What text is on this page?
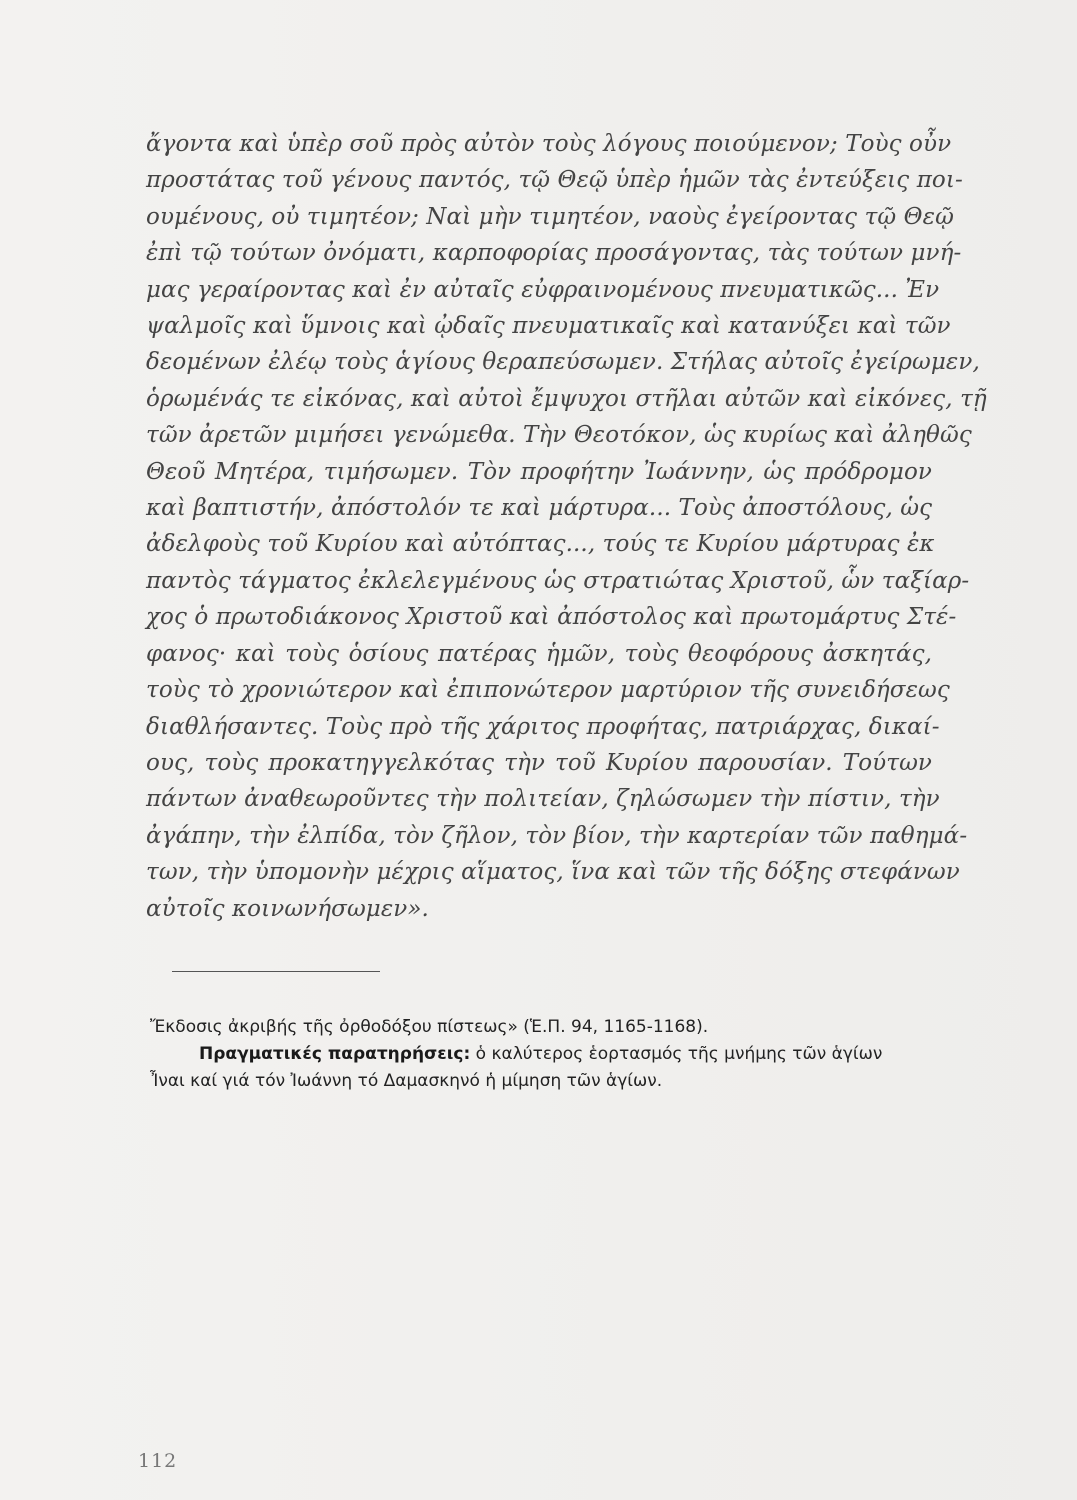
ἄγοντα καὶ ὑπὲρ σοῦ πρὸς αὐτὸν τοὺς λόγους ποιούμενον; Τοὺς οὖν
προστάτας τοῦ γένους παντός, τῷ Θεῷ ὑπὲρ ἡμῶν τὰς ἐντεύξεις ποι-
ουμένους, οὐ τιμητέον; Ναὶ μὴν τιμητέον, ναοὺς ἐγείροντας τῷ Θεῷ
ἐπὶ τῷ τούτων ὀνόματι, καρποφορίας προσάγοντας, τὰς τούτων μνή-
μας γεραίροντας καὶ ἐν αὐταῖς εὐφραινομένους πνευματικῶς... Ἐν
ψαλμοῖς καὶ ὕμνοις καὶ ᾠδαῖς πνευματικαῖς καὶ κατανύξει καὶ τῶν
δεομένων ἐλέῳ τοὺς ἁγίους θεραπεύσωμεν. Στήλας αὐτοῖς ἐγείρωμεν,
ὁρωμένάς τε εἰκόνας, καὶ αὐτοὶ ἔμψυχοι στῆλαι αὐτῶν καὶ εἰκόνες, τῇ
τῶν ἀρετῶν μιμήσει γενώμεθα. Τὴν Θεοτόκον, ὡς κυρίως καὶ ἀληθῶς
Θεοῦ Μητέρα, τιμήσωμεν. Τὸν προφήτην Ἰωάννην, ὡς πρόδρομον
καὶ βαπτιστήν, ἀπόστολόν τε καὶ μάρτυρα... Τοὺς ἀποστόλους, ὡς
ἀδελφοὺς τοῦ Κυρίου καὶ αὐτόπτας..., τούς τε Κυρίου μάρτυρας ἐκ
παντὸς τάγματος ἐκλελεγμένους ὡς στρατιώτας Χριστοῦ, ὧν ταξίαρ-
χος ὁ πρωτοδιάκονος Χριστοῦ καὶ ἀπόστολος καὶ πρωτομάρτυς Στέ-
φανος· καὶ τοὺς ὁσίους πατέρας ἡμῶν, τοὺς θεοφόρους ἀσκητάς,
τοὺς τὸ χρονιώτερον καὶ ἐπιπονώτερον μαρτύριον τῆς συνειδήσεως
διαθλήσαντες. Τοὺς πρὸ τῆς χάριτος προφήτας, πατριάρχας, δικαί-
ους, τοὺς προκατηγγελκότας τὴν τοῦ Κυρίου παρουσίαν. Τούτων
πάντων ἀναθεωροῦντες τὴν πολιτείαν, ζηλώσωμεν τὴν πίστιν, τὴν
ἀγάπην, τὴν ἐλπίδα, τὸν ζῆλον, τὸν βίον, τὴν καρτερίαν τῶν παθημά-
των, τὴν ὑπομονὴν μέχρις αἵματος, ἵνα καὶ τῶν τῆς δόξης στεφάνων
αὐτοῖς κοινωνήσωμεν».
Ἔκδοσις ἀκριβής τῆς ὀρθοδόξου πίστεως» (Ἑ.Π. 94, 1165-1168).
Πραγματικές παρατηρήσεις: ὁ καλύτερος ἑορτασμός τῆς μνήμης τῶν ἁγίων
Ἶναι καί γιά τόν Ἰωάννη τό Δαμασκηνό ἡ μίμηση τῶν ἁγίων.
112
